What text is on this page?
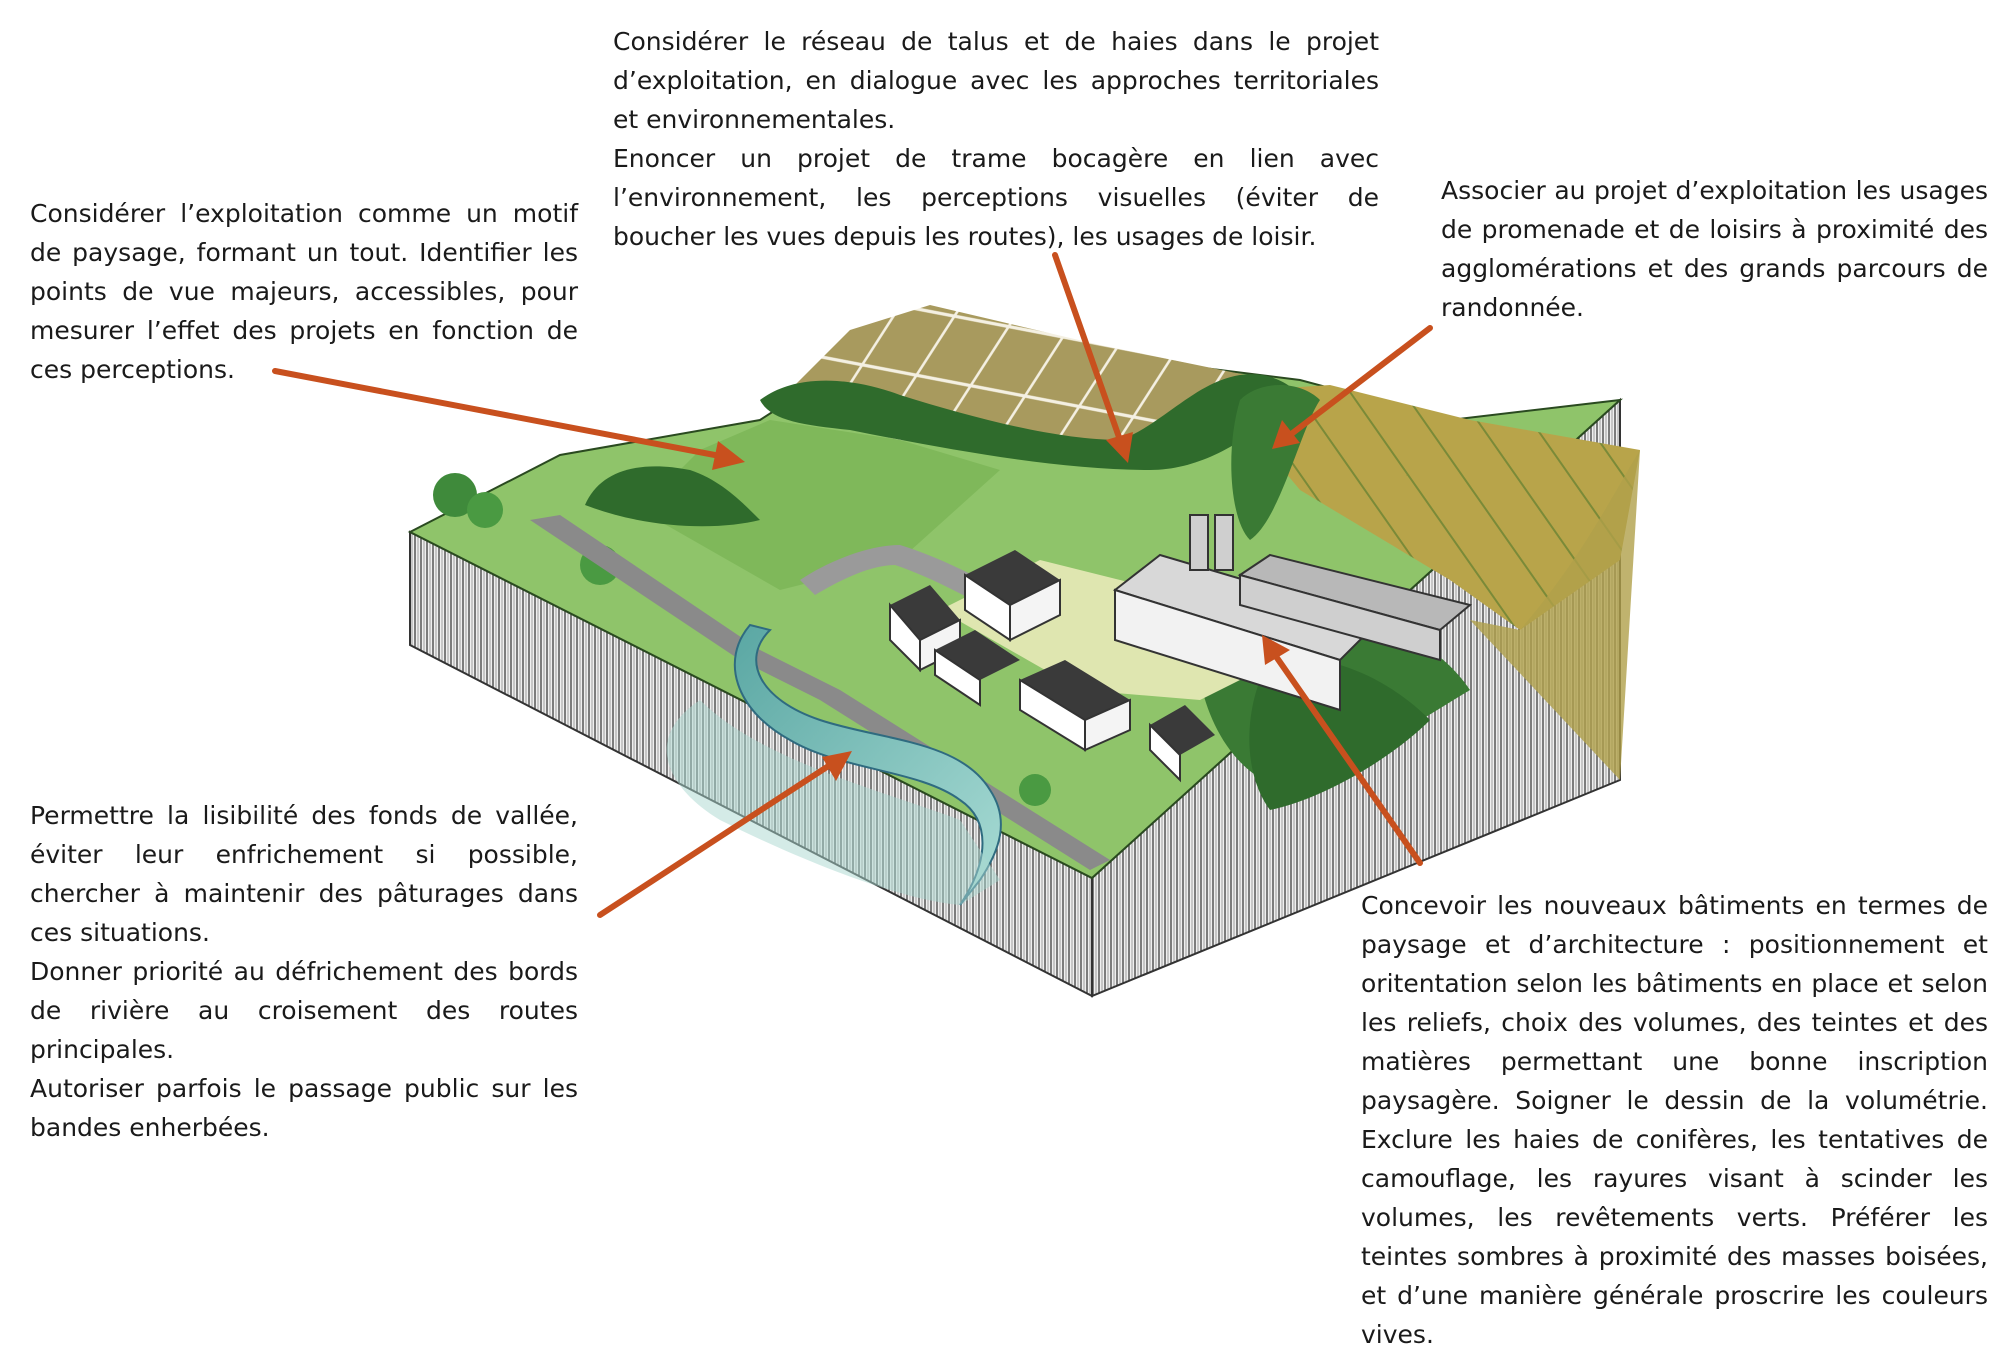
Considérer le réseau de talus et de haies dans le projet d’exploitation, en dialogue avec les approches territoriales et environnementales.

Enoncer un projet de trame bocagère en lien avec l’environnement, les perceptions visuelles (éviter de boucher les vues depuis les routes), les usages de loisir.

Considérer l’exploitation comme un motif de paysage, formant un tout. Identifier les points de vue majeurs, accessibles, pour mesurer l’effet des projets en fonction de ces perceptions.

Associer au projet d’exploitation les usages de promenade et de loisirs à proximité des agglomérations et des grands parcours de randonnée.

Permettre la lisibilité des fonds de vallée, éviter leur enfrichement si possible, chercher à maintenir des pâturages dans ces situations.

Donner priorité au défrichement des bords de rivière au croisement des routes principales.

Autoriser parfois le passage public sur les bandes enherbées.

Concevoir les nouveaux bâtiments en termes de paysage et d’architecture : positionnement et oritentation selon les bâtiments en place et selon les reliefs, choix des volumes, des teintes et des matières permettant une bonne inscription paysagère. Soigner le dessin de la volumétrie. Exclure les haies de conifères, les tentatives de camouflage, les rayures visant à scinder les volumes, les revêtements verts. Préférer les teintes sombres à proximité des masses boisées, et d’une manière générale proscrire les couleurs vives.
